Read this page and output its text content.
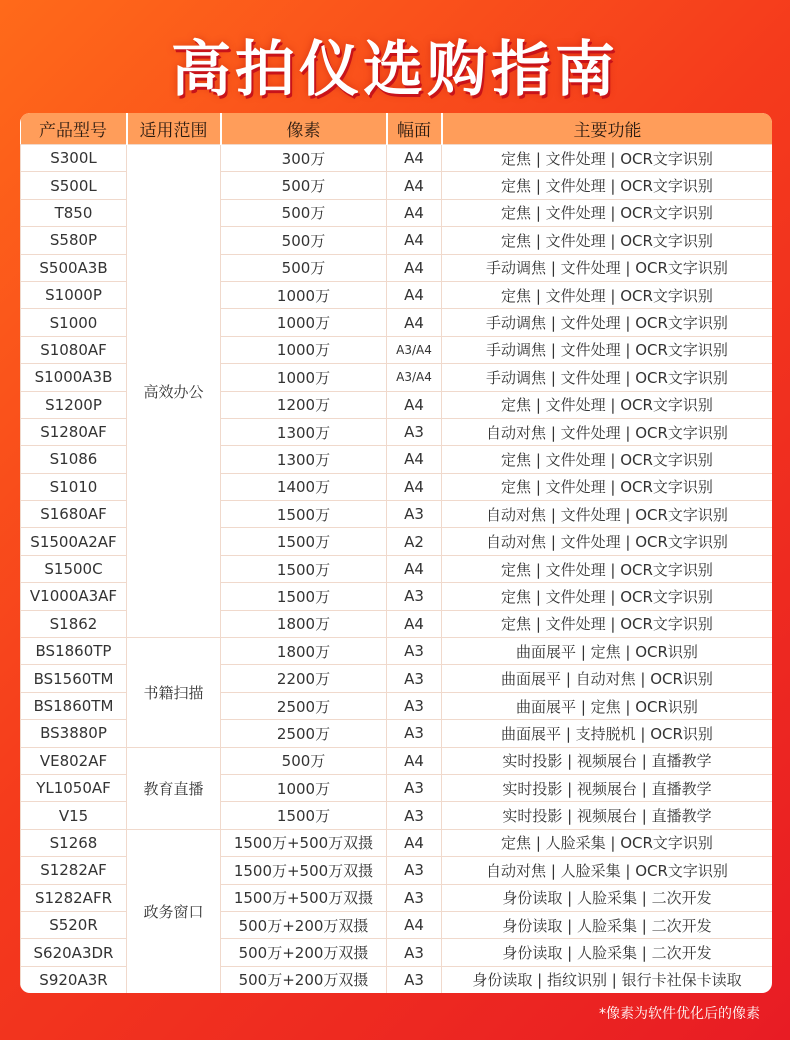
高拍仪选购指南
产品型号	适用范围	像素	幅面	主要功能
S300L	高效办公	300万	A4	定焦 | 文件处理 | OCR文字识别
S500L		500万	A4	定焦 | 文件处理 | OCR文字识别
T850		500万	A4	定焦 | 文件处理 | OCR文字识别
S580P		500万	A4	定焦 | 文件处理 | OCR文字识别
S500A3B		500万	A4	手动调焦 | 文件处理 | OCR文字识别
S1000P		1000万	A4	定焦 | 文件处理 | OCR文字识别
S1000		1000万	A4	手动调焦 | 文件处理 | OCR文字识别
S1080AF		1000万	A3/A4	手动调焦 | 文件处理 | OCR文字识别
S1000A3B		1000万	A3/A4	手动调焦 | 文件处理 | OCR文字识别
S1200P		1200万	A4	定焦 | 文件处理 | OCR文字识别
S1280AF		1300万	A3	自动对焦 | 文件处理 | OCR文字识别
S1086		1300万	A4	定焦 | 文件处理 | OCR文字识别
S1010		1400万	A4	定焦 | 文件处理 | OCR文字识别
S1680AF		1500万	A3	自动对焦 | 文件处理 | OCR文字识别
S1500A2AF		1500万	A2	自动对焦 | 文件处理 | OCR文字识别
S1500C		1500万	A4	定焦 | 文件处理 | OCR文字识别
V1000A3AF		1500万	A3	定焦 | 文件处理 | OCR文字识别
S1862		1800万	A4	定焦 | 文件处理 | OCR文字识别
BS1860TP	书籍扫描	1800万	A3	曲面展平 | 定焦 | OCR识别
BS1560TM		2200万	A3	曲面展平 | 自动对焦 | OCR识别
BS1860TM		2500万	A3	曲面展平 | 定焦 | OCR识别
BS3880P		2500万	A3	曲面展平 | 支持脱机 | OCR识别
VE802AF	教育直播	500万	A4	实时投影 | 视频展台 | 直播教学
YL1050AF		1000万	A3	实时投影 | 视频展台 | 直播教学
V15		1500万	A3	实时投影 | 视频展台 | 直播教学
S1268	政务窗口	1500万+500万双摄	A4	定焦 | 人脸采集 | OCR文字识别
S1282AF		1500万+500万双摄	A3	自动对焦 | 人脸采集 | OCR文字识别
S1282AFR		1500万+500万双摄	A3	身份读取 | 人脸采集 | 二次开发
S520R		500万+200万双摄	A4	身份读取 | 人脸采集 | 二次开发
S620A3DR		500万+200万双摄	A3	身份读取 | 人脸采集 | 二次开发
S920A3R		500万+200万双摄	A3	身份读取 | 指纹识别 | 银行卡社保卡读取
*像素为软件优化后的像素
